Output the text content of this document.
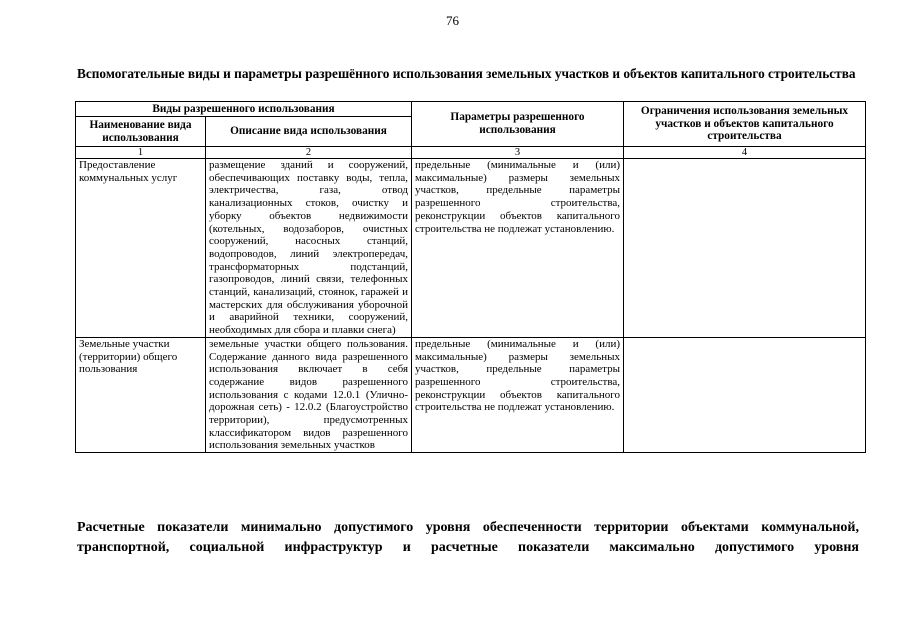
76
Вспомогательные виды и параметры разрешённого использования земельных участков и объектов капитального строительства
Виды разрешенного использования		Параметры разрешенного использования	Ограничения использования земельных участков и объектов капитального строительства
Наименование вида использования	Описание вида использования		
1	2	3	4
Предоставление коммунальных услуг	размещение зданий и сооружений, обеспечивающих поставку воды, тепла, электричества, газа, отвод канализационных стоков, очистку и уборку объектов недвижимости (котельных, водозаборов, очистных сооружений, насосных станций, водопроводов, линий электропередач, трансформаторных подстанций, газопроводов, линий связи, телефонных станций, канализаций, стоянок, гаражей и мастерских для обслуживания уборочной и аварийной техники, сооружений, необходимых для сбора и плавки снега)	предельные (минимальные и (или) максимальные) размеры земельных участков, предельные параметры разрешенного строительства, реконструкции объектов капитального строительства не подлежат установлению.	
Земельные участки (территории) общего пользования	земельные участки общего пользования. Содержание данного вида разрешенного использования включает в себя содержание видов разрешенного использования с кодами 12.0.1 (Улично-дорожная сеть) - 12.0.2 (Благоустройство территории), предусмотренных классификатором видов разрешенного использования земельных участков	предельные (минимальные и (или) максимальные) размеры земельных участков, предельные параметры разрешенного строительства, реконструкции объектов капитального строительства не подлежат установлению.	
Расчетные показатели минимально допустимого уровня обеспеченности территории объектами коммунальной, транспортной, социальной инфраструктур и расчетные показатели максимально допустимого уровня
